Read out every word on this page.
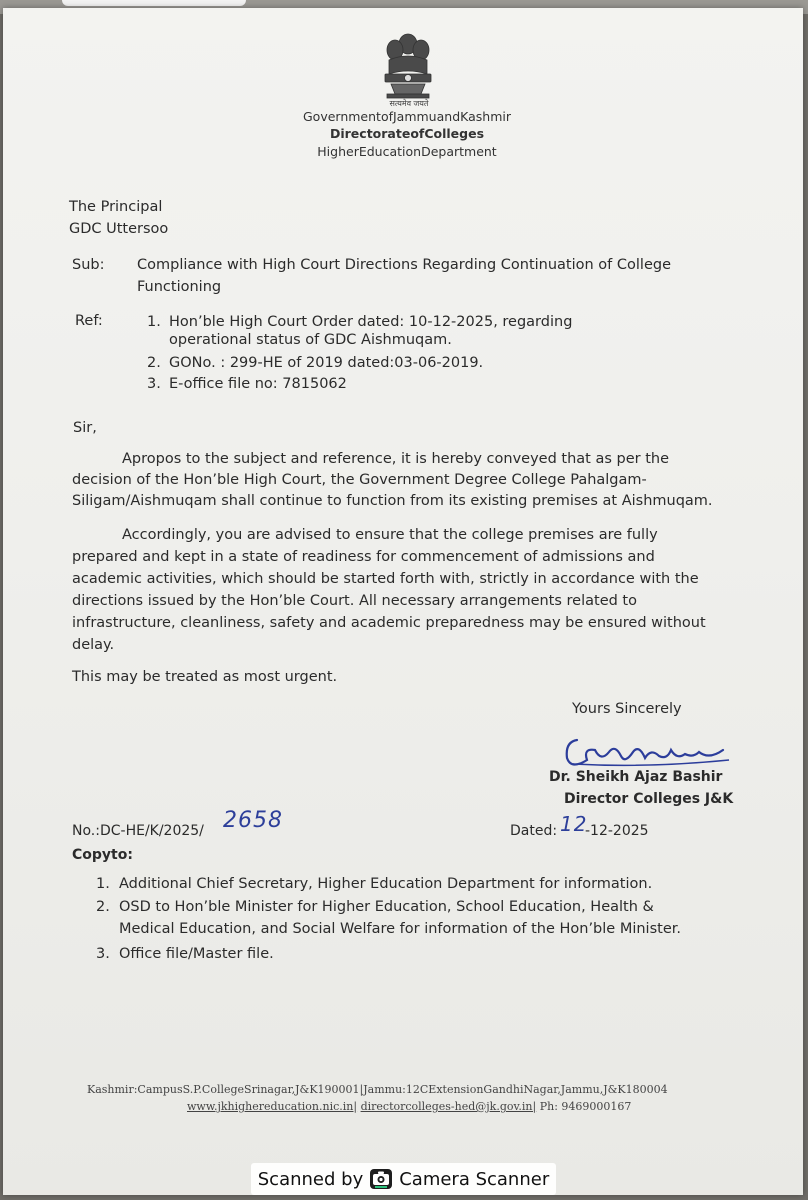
सत्यमेव जयते
GovernmentofJammuandKashmir
DirectorateofColleges
HigherEducationDepartment
The Principal
GDC Uttersoo
Sub: Compliance with High Court Directions Regarding Continuation of College
Functioning
Ref:	1. Hon’ble High Court Order dated: 10-12-2025, regarding
operational status of GDC Aishmuqam.
2. GONo. : 299-HE of 2019 dated:03-06-2019.
3. E-office file no: 7815062
Sir,
Apropos to the subject and reference, it is hereby conveyed that as per the
decision of the Hon’ble High Court, the Government Degree College Pahalgam-
Siligam/Aishmuqam shall continue to function from its existing premises at Aishmuqam.
Accordingly, you are advised to ensure that the college premises are fully
prepared and kept in a state of readiness for commencement of admissions and
academic activities, which should be started forth with, strictly in accordance with the
directions issued by the Hon’ble Court. All necessary arrangements related to
infrastructure, cleanliness, safety and academic preparedness may be ensured without
delay.
This may be treated as most urgent.
Yours Sincerely
Dr. Sheikh Ajaz Bashir
Director Colleges J&K
No.:DC-HE/K/2025/ 2658	Dated: 12
-12-2025
Copyto:
1. Additional Chief Secretary, Higher Education Department for information.
2. OSD to Hon’ble Minister for Higher Education, School Education, Health &
Medical Education, and Social Welfare for information of the Hon’ble Minister.
3. Office file/Master file.
Kashmir:CampusS.P.CollegeSrinagar,J&K190001|Jammu:12CExtensionGandhiNagar,Jammu,J&K180004
www.jkhighereducation.nic.in| directorcolleges-hed@jk.gov.in| Ph: 9469000167
Scanned by Camera Scanner
